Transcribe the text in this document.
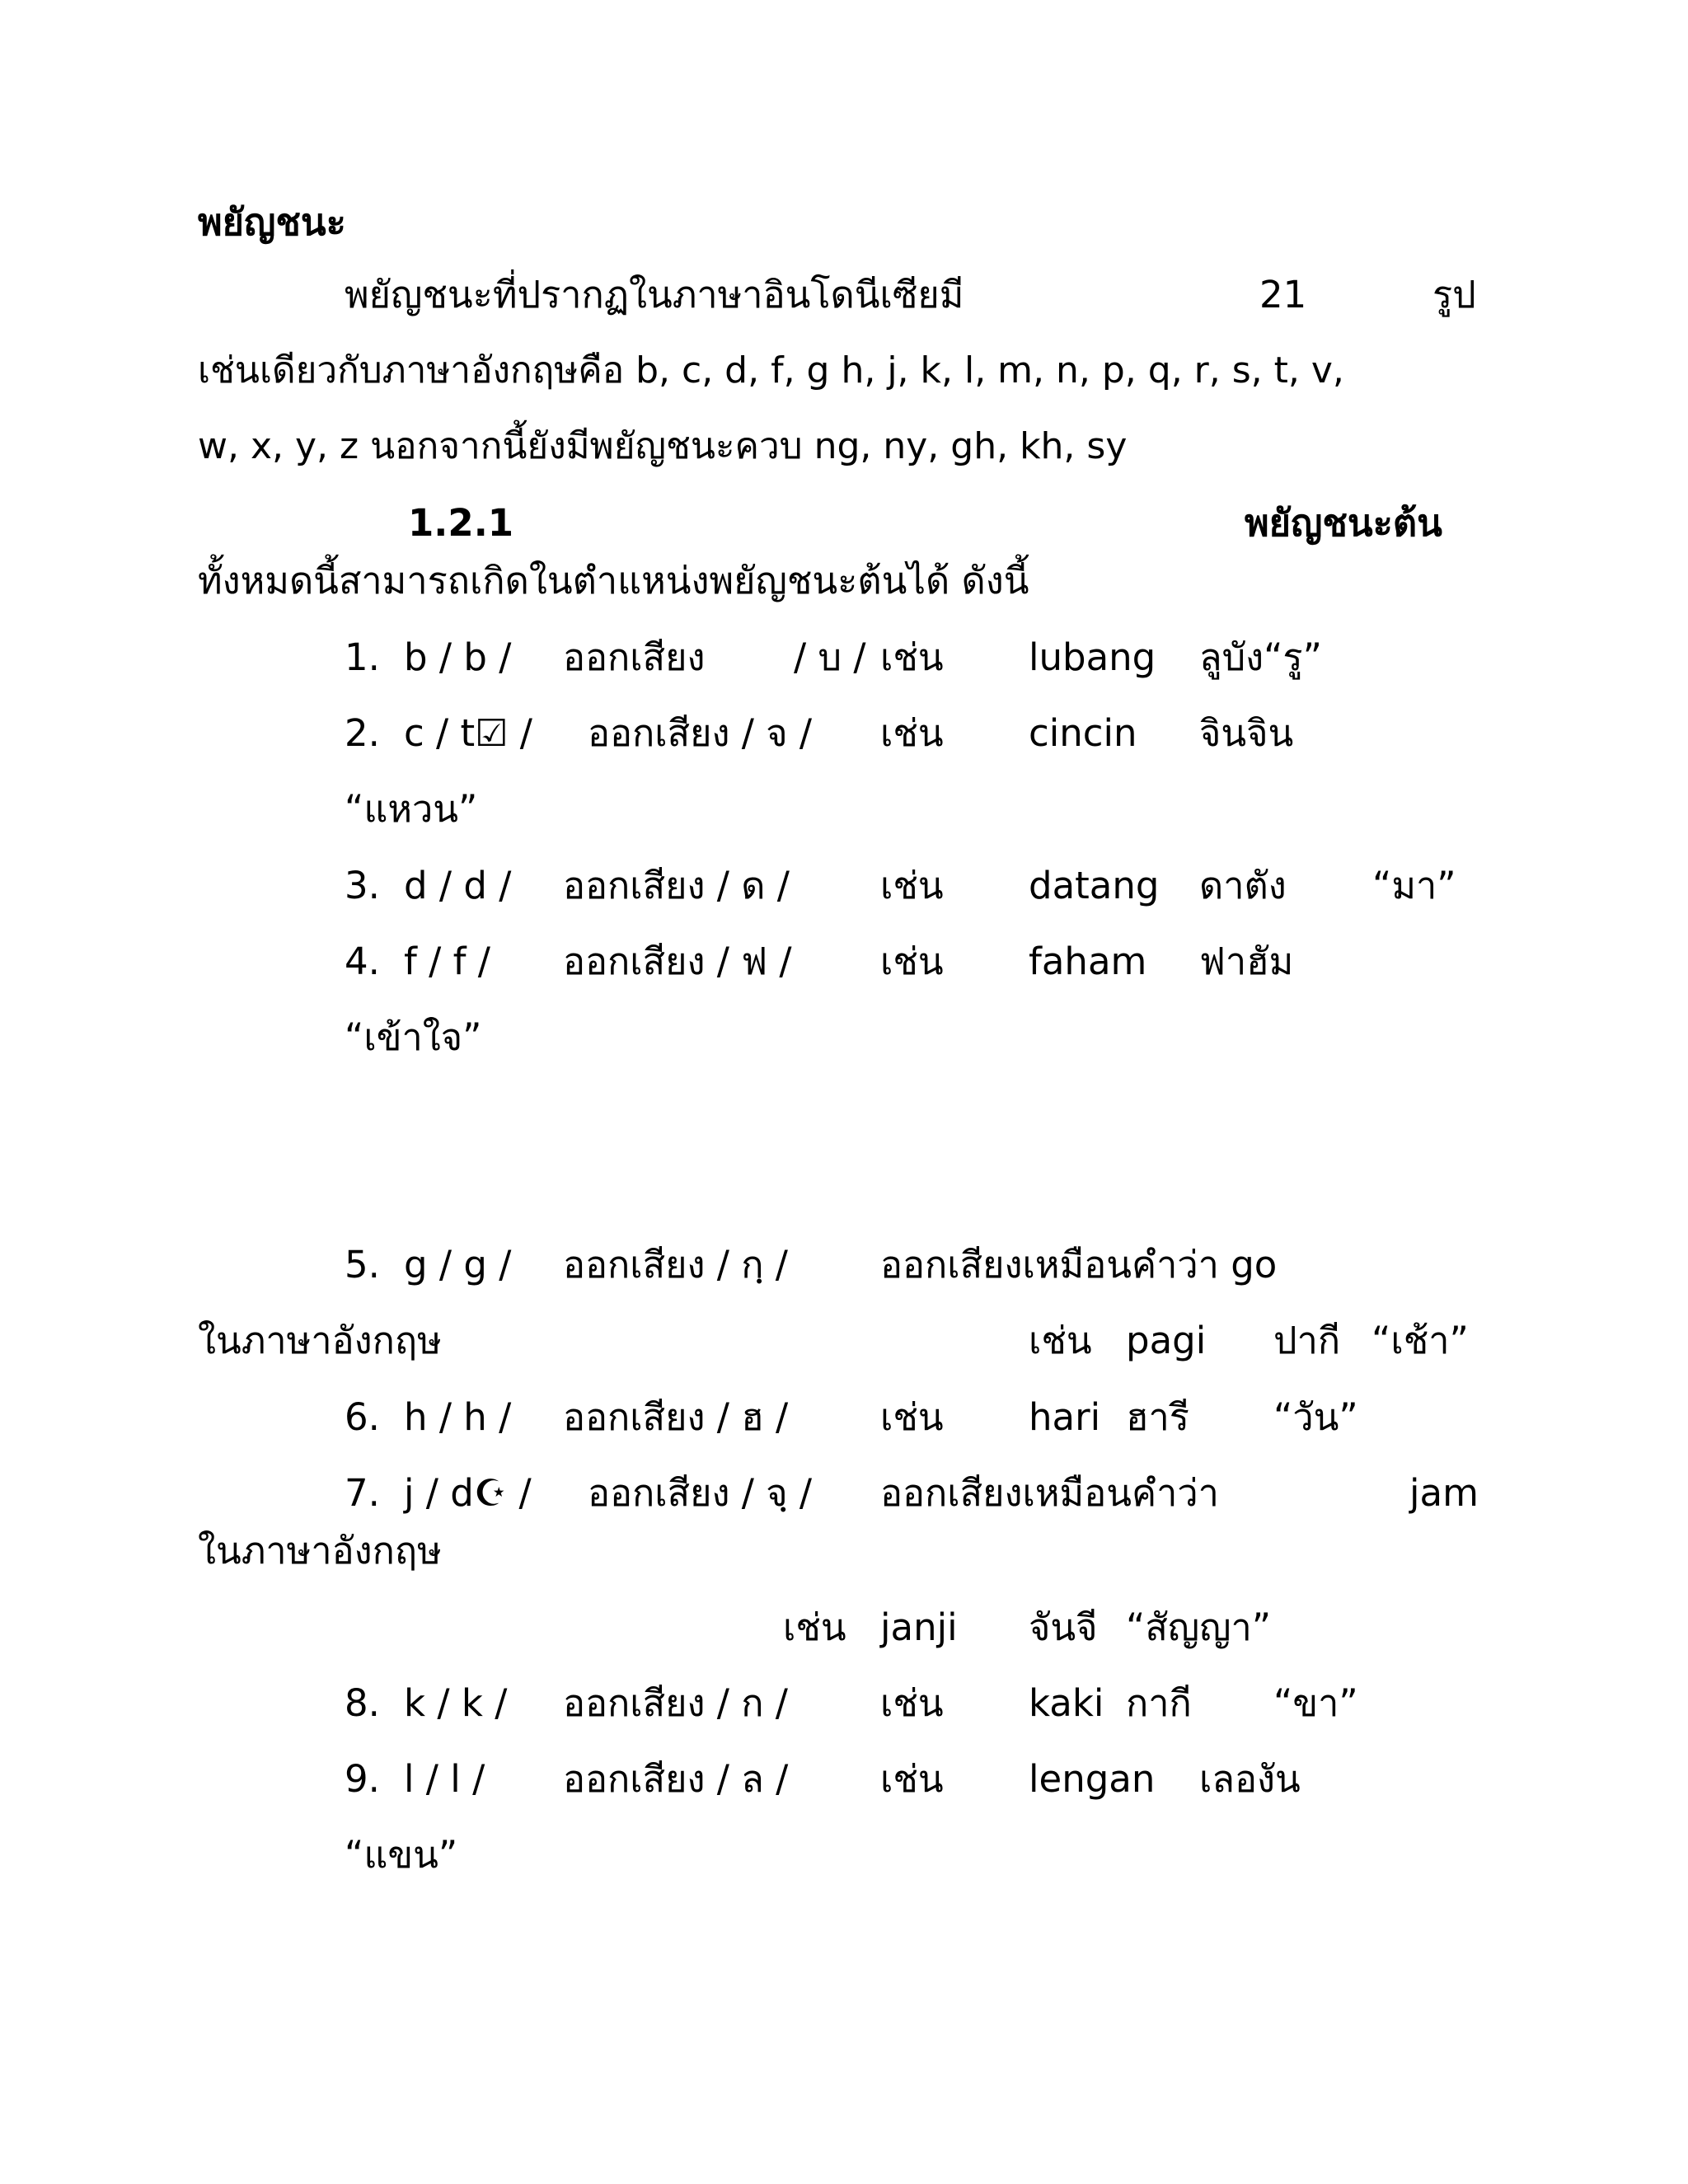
พยัญชนะ
พยัญชนะที่ปรากฏในภาษาอินโดนีเซียมี	21	รูป
เช่นเดียวกับภาษาอังกฤษคือ b, c, d, f, g h, j, k, l, m, n, p, q, r, s, t, v,
w, x, y, z นอกจากนี้ยังมีพยัญชนะควบ ng, ny, gh, kh, sy
1.2.1	พยัญชนะต้น
ทั้งหมดนี้สามารถเกิดในตำแหน่งพยัญชนะต้นได้ ดังนี้
1. b / b / ออกเสียง / บ / เช่น lubang ลูบัง“รู”
2. c / t☑ / ออกเสียง / จ / เช่น cincin จินจิน
“แหวน”
3. d / d / ออกเสียง / ด / เช่น datang ดาตัง “มา”
4. f / f / ออกเสียง / ฟ / เช่น faham ฟาฮัม
“เข้าใจ”
5. g / g / ออกเสียง / กฺ / ออกเสียงเหมือนคำว่า go
ในภาษาอังกฤษ	เช่น pagi ปากี “เช้า”
6. h / h / ออกเสียง / ฮ / เช่น hari ฮารี “วัน”
7. j / d☪ / ออกเสียง / จฺ / ออกเสียงเหมือนคำว่า	jam
ในภาษาอังกฤษ
เช่น janji จันจี “สัญญา”
8. k / k / ออกเสียง / ก / เช่น kaki กากี “ขา”
9. l / l / ออกเสียง / ล / เช่น lengan เลองัน
“แขน”
